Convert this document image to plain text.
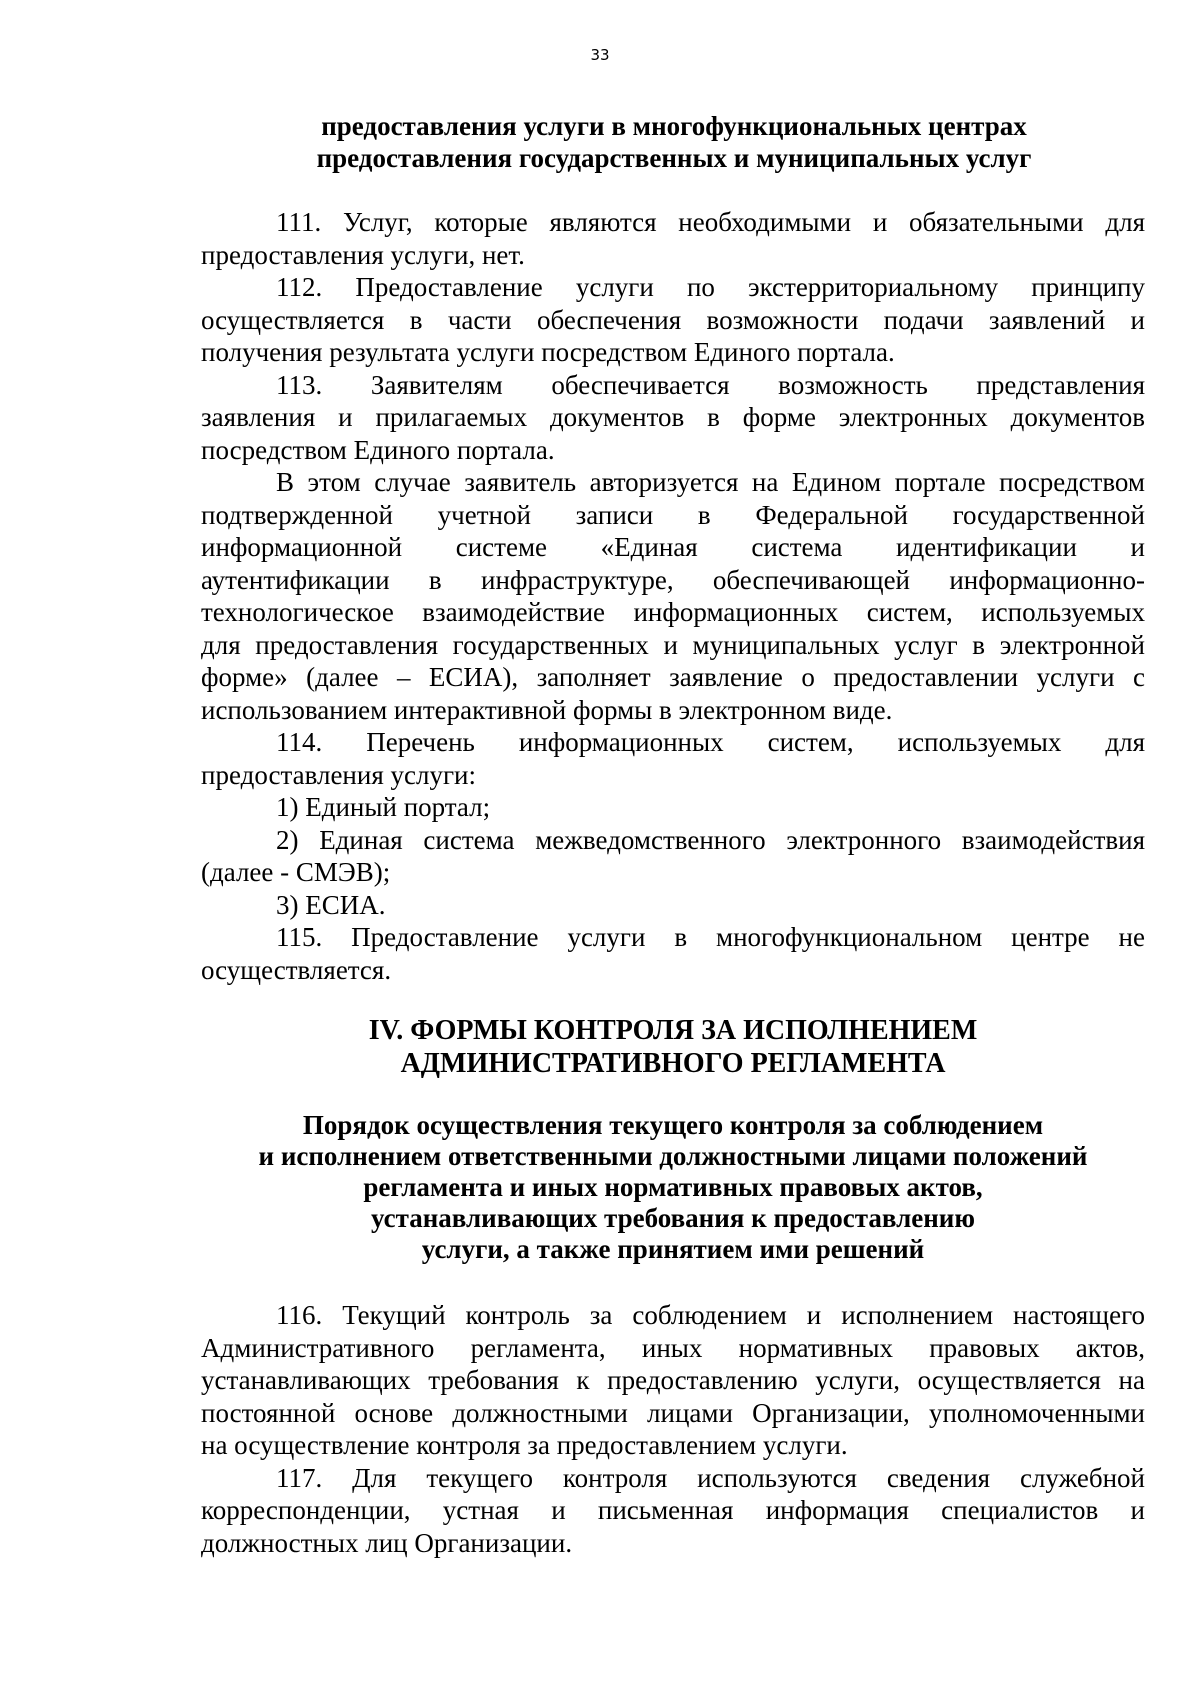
33
предоставления услуги в многофункциональных центрах
предоставления государственных и муниципальных услуг
111. Услуг, которые являются необходимыми и обязательными для
предоставления услуги, нет.
112. Предоставление услуги по экстерриториальному принципу
осуществляется в части обеспечения возможности подачи заявлений и
получения результата услуги посредством Единого портала.
113. Заявителям обеспечивается возможность представления
заявления и прилагаемых документов в форме электронных документов
посредством Единого портала.
В этом случае заявитель авторизуется на Едином портале посредством
подтвержденной учетной записи в Федеральной государственной
информационной системе «Единая система идентификации и
аутентификации в инфраструктуре, обеспечивающей информационно-
технологическое взаимодействие информационных систем, используемых
для предоставления государственных и муниципальных услуг в электронной
форме» (далее – ЕСИА), заполняет заявление о предоставлении услуги с
использованием интерактивной формы в электронном виде.
114. Перечень информационных систем, используемых для
предоставления услуги:
1) Единый портал;
2) Единая система межведомственного электронного взаимодействия
(далее - СМЭВ);
3) ЕСИА.
115. Предоставление услуги в многофункциональном центре не
осуществляется.
IV. ФОРМЫ КОНТРОЛЯ ЗА ИСПОЛНЕНИЕМ
АДМИНИСТРАТИВНОГО РЕГЛАМЕНТА
Порядок осуществления текущего контроля за соблюдением
и исполнением ответственными должностными лицами положений
регламента и иных нормативных правовых актов,
устанавливающих требования к предоставлению
услуги, а также принятием ими решений
116. Текущий контроль за соблюдением и исполнением настоящего
Административного регламента, иных нормативных правовых актов,
устанавливающих требования к предоставлению услуги, осуществляется на
постоянной основе должностными лицами Организации, уполномоченными
на осуществление контроля за предоставлением услуги.
117. Для текущего контроля используются сведения служебной
корреспонденции, устная и письменная информация специалистов и
должностных лиц Организации.
